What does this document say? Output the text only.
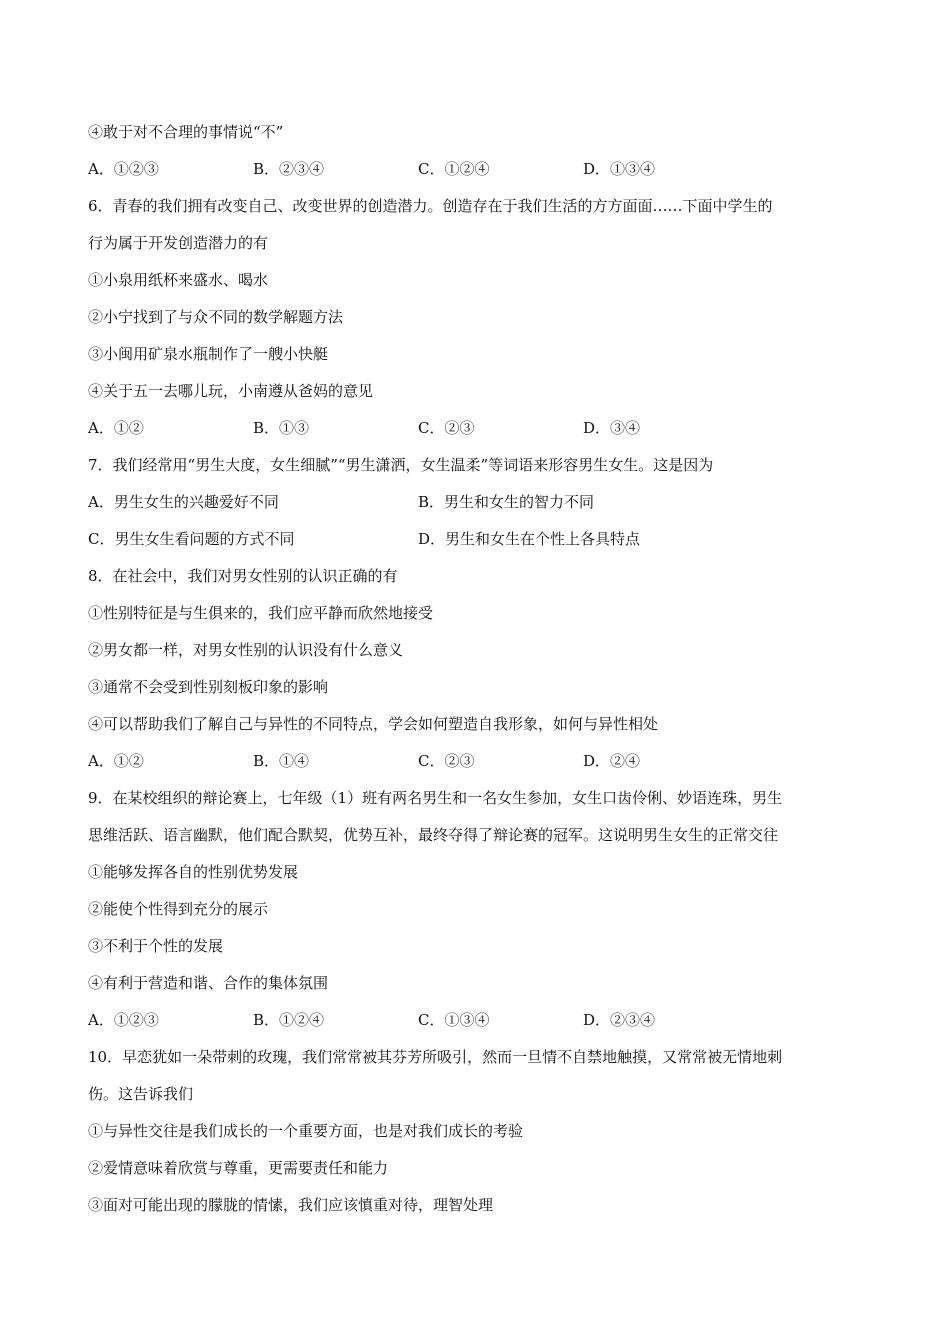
④敢于对不合理的事情说“不”
A．①②③	B．②③④	C．①②④	D．①③④
6．青春的我们拥有改变自己、改变世界的创造潜力。创造存在于我们生活的方方面面……下面中学生的
行为属于开发创造潜力的有
①小泉用纸杯来盛水、喝水
②小宁找到了与众不同的数学解题方法
③小闽用矿泉水瓶制作了一艘小快艇
④关于五一去哪儿玩，小南遵从爸妈的意见
A．①②	B．①③	C．②③	D．③④
7．我们经常用“男生大度，女生细腻”“男生潇洒，女生温柔”等词语来形容男生女生。这是因为
A．男生女生的兴趣爱好不同	B．男生和女生的智力不同
C．男生女生看问题的方式不同	D．男生和女生在个性上各具特点
8．在社会中，我们对男女性别的认识正确的有
①性别特征是与生俱来的，我们应平静而欣然地接受
②男女都一样，对男女性别的认识没有什么意义
③通常不会受到性别刻板印象的影响
④可以帮助我们了解自己与异性的不同特点，学会如何塑造自我形象，如何与异性相处
A．①②	B．①④	C．②③	D．②④
9．在某校组织的辩论赛上，七年级（1）班有两名男生和一名女生参加，女生口齿伶俐、妙语连珠，男生
思维活跃、语言幽默，他们配合默契，优势互补，最终夺得了辩论赛的冠军。这说明男生女生的正常交往
①能够发挥各自的性别优势发展
②能使个性得到充分的展示
③不利于个性的发展
④有利于营造和谐、合作的集体氛围
A．①②③	B．①②④	C．①③④	D．②③④
10．早恋犹如一朵带刺的玫瑰，我们常常被其芬芳所吸引，然而一旦情不自禁地触摸，又常常被无情地刺
伤。这告诉我们
①与异性交往是我们成长的一个重要方面，也是对我们成长的考验
②爱情意味着欣赏与尊重，更需要责任和能力
③面对可能出现的朦胧的情愫，我们应该慎重对待，理智处理
